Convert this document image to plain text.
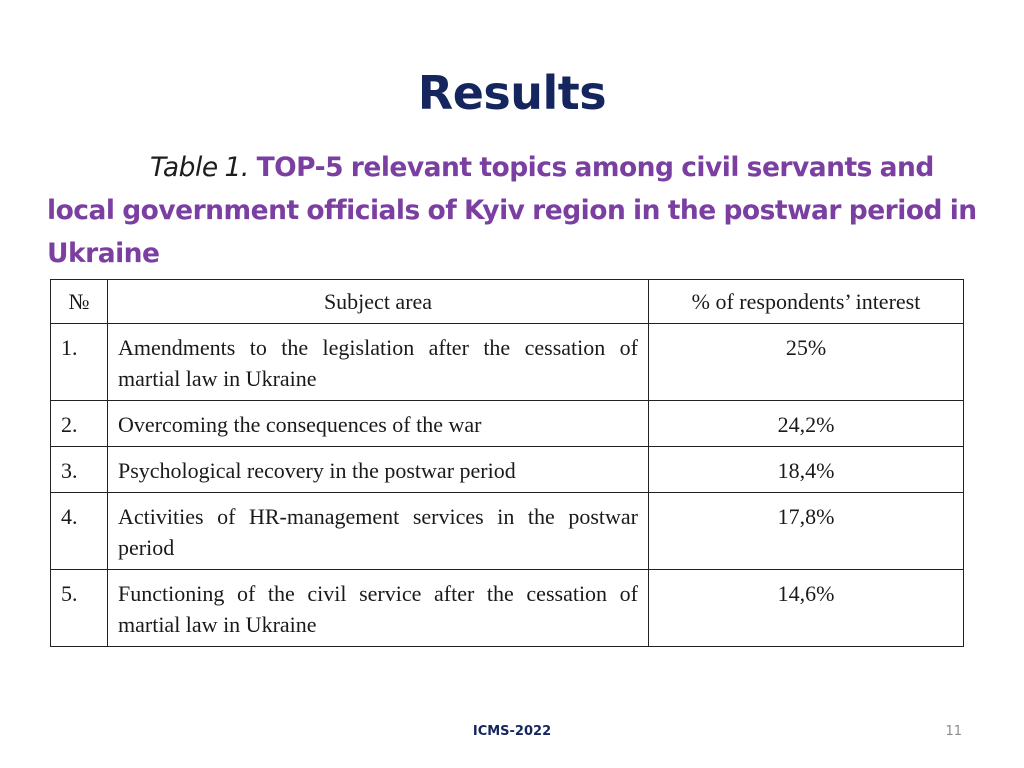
Results
Table 1. TOP-5 relevant topics among civil servants and local government officials of Kyiv region in the postwar period in Ukraine
№	Subject area	% of respondents’ interest
1.	Amendments to the legislation after the cessation of martial law in Ukraine	25%
2.	Overcoming the consequences of the war	24,2%
3.	Psychological recovery in the postwar period	18,4%
4.	Activities of HR-management services in the postwar period	17,8%
5.	Functioning of the civil service after the cessation of martial law in Ukraine	14,6%
ICMS-2022	11
